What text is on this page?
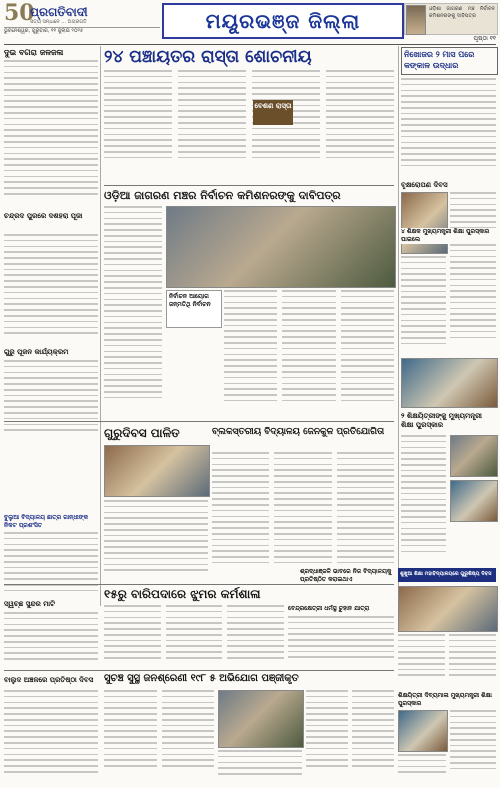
50
ପ୍ରଗତିବାଦୀ
ସତ୍ୟ ସନ୍ଧାନେ ... ଅଗ୍ରଗତି
ଭୁବନେଶ୍ୱର, ଗୁରୁବାର, ୧୧ ଜୁଲାଇ ୨୦୨୫	ମୟୂରଭଞ୍ଜ ଜିଲ୍ଲା	ଓଡ଼ିଶା ଜାଗରଣ ମଞ୍ଚ ନିର୍ବାଚନ କମିଶନରଙ୍କୁ ଦାବିପତ୍ର
ପୃଷ୍ଠା ୧୧
ଦୁଇ ବଗରା ଜଳଜଳା	୨୪ ପଞ୍ଚାୟତର ରାସ୍ତା ଶୋଚନୀୟ
ବେଶଣ ରାସ୍ତା
ନିଖୋଜର ୨ ମାସ ପରେ କଙ୍କାଳ ଉଦ୍ଧାର
ଚନ୍ଦ୍ରଦ ପୁରରେ ଦଶହରା ପୂଜା
ଓଡ଼ିଆ ଜାଗରଣ ମଞ୍ଚର ନିର୍ବାଚନ କମିଶନରଙ୍କୁ ଦାବିପତ୍ର
ନିର୍ବାଚନ ଆୟୋଗ ଜନ୍ମତିଥି ନିର୍ବାଚନ
ବୃକ୍ଷରୋପଣ ଦିବସ
୪ ଶିକ୍ଷକ ମୁଖ୍ୟମନ୍ତ୍ରୀ ଶିକ୍ଷା ପୁରସ୍କାର ପାଇଲେ
ଗୁରୁ ପୂଜନ କାର୍ଯ୍ୟକ୍ରମ
ଗୁରୁଦିବସ ପାଳିତ	ବ୍ଲକସ୍ତରୀୟ ବିଦ୍ୟାଳୟ ଜେନକୁଳ ପ୍ରତିଯୋଗିତା
୨ ଶିକ୍ଷୟିତ୍ରୀଙ୍କୁ ମୁଖ୍ୟମନ୍ତ୍ରୀ ଶିକ୍ଷା ପୁରସ୍କାର
ବୁଲୁଆ ବିଦ୍ୟାଳୟ ଛାତ୍ର ଗାନ୍ଧୀଙ୍କ ନିକଟ ପ୍ରଶଂସିତ
୧୫ରୁ ବାରିପଦାରେ ଝୁମର କର୍ମଶାଳା
ବେନ୍ଦ୍ରକ୍ଷେତ୍ରୀ ଧର୍ମସ୍ଥ ଚୁହାନ ଯାତ୍ରା
ସ୍ୱଚ୍ଛ ସୁନ୍ଦର ମାଟି
ଶୁଖୁଆ ଶିକ୍ଷା ମହାବିଦ୍ୟାଳୟରେ ଗୁରୁଶିଷ୍ୟ ଦିବସ
ଶ୍ରଦ୍ଧାଞ୍ଜଳି ଭାବରେ ନିଜ ବିଦ୍ୟାଳୟକୁ ପ୍ରତିଷ୍ଠିତ କରାଇଥାଏ
ସୁଚଞ୍ଚ ସୁସ୍ଥ ଜନଶ୍ରେଣୀ ୧୯୮ ୫ ଅଭିଯୋଗ ପଞ୍ଜୀକୃତ
ବାଲୁଦ ଅଞ୍ଚଳରେ ପ୍ରତିଷ୍ଠା ଦିବସ
ଶିକ୍ଷୟିତ୍ରୀ ଦିବ୍ୟମାଳା ମୁଖ୍ୟମନ୍ତ୍ରୀ ଶିକ୍ଷା ପୁରସ୍କାର
